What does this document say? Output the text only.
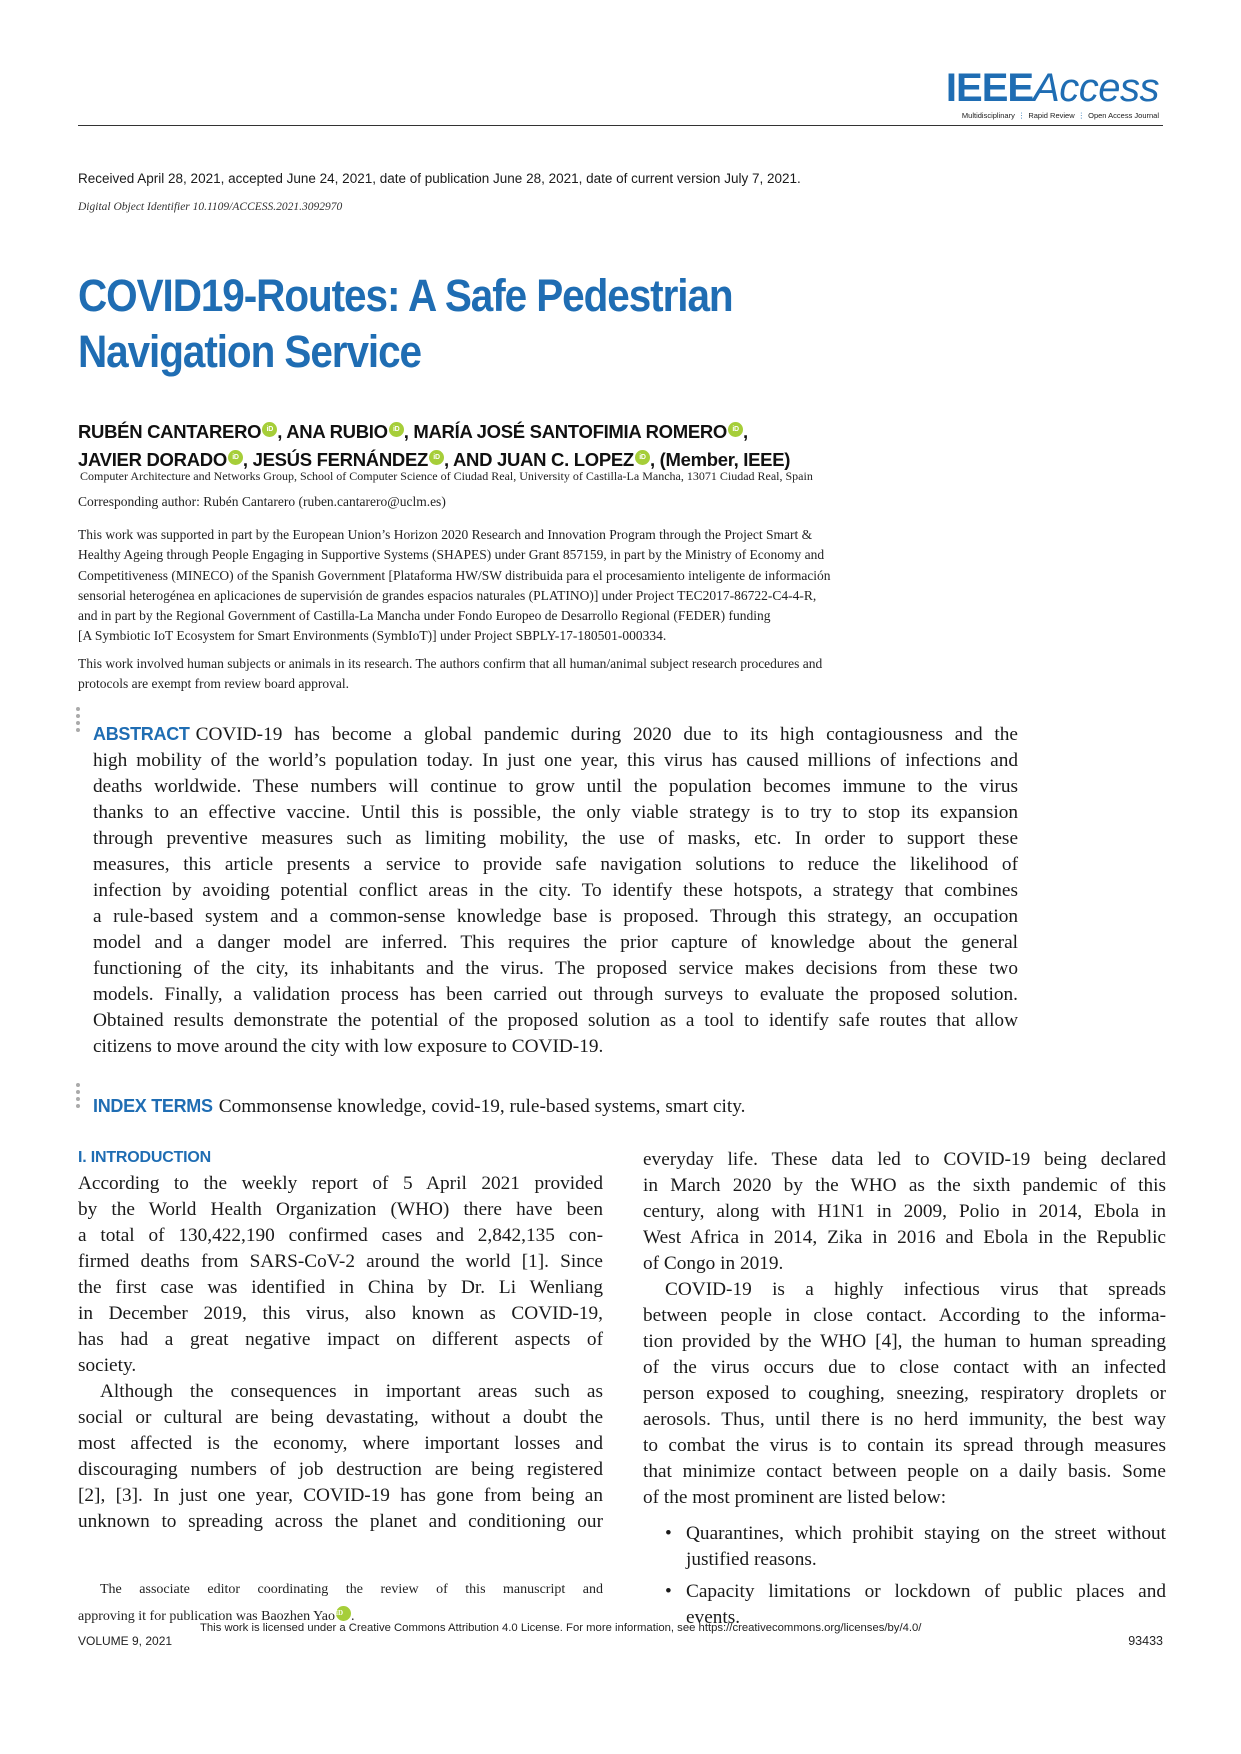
IEEEAccess
Multidisciplinary ⋮ Rapid Review ⋮ Open Access Journal
Received April 28, 2021, accepted June 24, 2021, date of publication June 28, 2021, date of current version July 7, 2021.
Digital Object Identifier 10.1109/ACCESS.2021.3092970
COVID19-Routes: A Safe Pedestrian
Navigation Service
RUBÉN CANTARERO iD , ANA RUBIO iD , MARÍA JOSÉ SANTOFIMIA ROMERO iD ,
JAVIER DORADO iD , JESÚS FERNÁNDEZ iD , AND JUAN C. LOPEZ iD , (Member, IEEE)
Computer Architecture and Networks Group, School of Computer Science of Ciudad Real, University of Castilla-La Mancha, 13071 Ciudad Real, Spain
Corresponding author: Rubén Cantarero (ruben.cantarero@uclm.es)
This work was supported in part by the European Union’s Horizon 2020 Research and Innovation Program through the Project Smart &
Healthy Ageing through People Engaging in Supportive Systems (SHAPES) under Grant 857159, in part by the Ministry of Economy and
Competitiveness (MINECO) of the Spanish Government [Plataforma HW/SW distribuida para el procesamiento inteligente de información
sensorial heterogénea en aplicaciones de supervisión de grandes espacios naturales (PLATINO)] under Project TEC2017-86722-C4-4-R,
and in part by the Regional Government of Castilla-La Mancha under Fondo Europeo de Desarrollo Regional (FEDER) funding
[A Symbiotic IoT Ecosystem for Smart Environments (SymbIoT)] under Project SBPLY-17-180501-000334.
This work involved human subjects or animals in its research. The authors confirm that all human/animal subject research procedures and
protocols are exempt from review board approval.
ABSTRACT COVID-19 has become a global pandemic during 2020 due to its high contagiousness and the
high mobility of the world’s population today. In just one year, this virus has caused millions of infections and
deaths worldwide. These numbers will continue to grow until the population becomes immune to the virus
thanks to an effective vaccine. Until this is possible, the only viable strategy is to try to stop its expansion
through preventive measures such as limiting mobility, the use of masks, etc. In order to support these
measures, this article presents a service to provide safe navigation solutions to reduce the likelihood of
infection by avoiding potential conflict areas in the city. To identify these hotspots, a strategy that combines
a rule-based system and a common-sense knowledge base is proposed. Through this strategy, an occupation
model and a danger model are inferred. This requires the prior capture of knowledge about the general
functioning of the city, its inhabitants and the virus. The proposed service makes decisions from these two
models. Finally, a validation process has been carried out through surveys to evaluate the proposed solution.
Obtained results demonstrate the potential of the proposed solution as a tool to identify safe routes that allow
citizens to move around the city with low exposure to COVID-19.
INDEX TERMS Commonsense knowledge, covid-19, rule-based systems, smart city.
I. INTRODUCTION
According to the weekly report of 5 April 2021 provided
by the World Health Organization (WHO) there have been
a total of 130,422,190 confirmed cases and 2,842,135 con-
firmed deaths from SARS-CoV-2 around the world [1]. Since
the first case was identified in China by Dr. Li Wenliang
in December 2019, this virus, also known as COVID-19,
has had a great negative impact on different aspects of
society.
Although the consequences in important areas such as
social or cultural are being devastating, without a doubt the
most affected is the economy, where important losses and
discouraging numbers of job destruction are being registered
[2], [3]. In just one year, COVID-19 has gone from being an
unknown to spreading across the planet and conditioning our
everyday life. These data led to COVID-19 being declared
in March 2020 by the WHO as the sixth pandemic of this
century, along with H1N1 in 2009, Polio in 2014, Ebola in
West Africa in 2014, Zika in 2016 and Ebola in the Republic
of Congo in 2019.
COVID-19 is a highly infectious virus that spreads
between people in close contact. According to the informa-
tion provided by the WHO [4], the human to human spreading
of the virus occurs due to close contact with an infected
person exposed to coughing, sneezing, respiratory droplets or
aerosols. Thus, until there is no herd immunity, the best way
to combat the virus is to contain its spread through measures
that minimize contact between people on a daily basis. Some
of the most prominent are listed below:
• Quarantines, which prohibit staying on the street without
justified reasons.
• Capacity limitations or lockdown of public places and
events.
The associate editor coordinating the review of this manuscript and
approving it for publication was Baozhen YaoiD .
VOLUME 9, 2021
This work is licensed under a Creative Commons Attribution 4.0 License. For more information, see https://creativecommons.org/licenses/by/4.0/
93433
